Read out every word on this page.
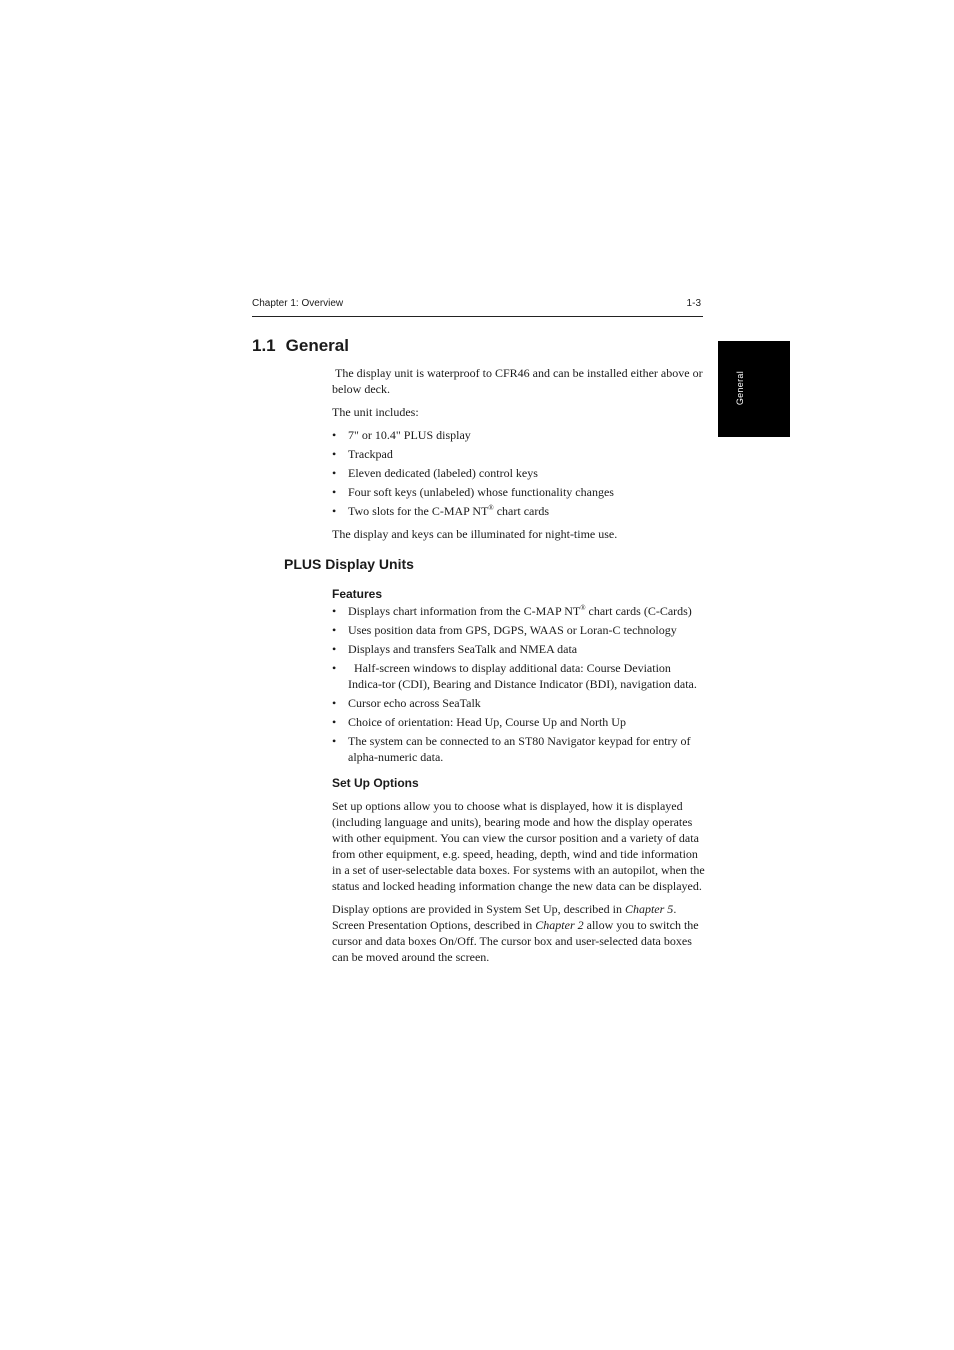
Chapter 1: Overview	1-3
General
1.1 General

The display unit is waterproof to CFR46 and can be installed either above or below deck.

The unit includes:

• 7" or 10.4" PLUS display
• Trackpad
• Eleven dedicated (labeled) control keys
• Four soft keys (unlabeled) whose functionality changes
• Two slots for the C-MAP NT® chart cards

The display and keys can be illuminated for night-time use.

PLUS Display Units
Features
• Displays chart information from the C-MAP NT® chart cards (C-Cards)
• Uses position data from GPS, DGPS, WAAS or Loran-C technology
• Displays and transfers SeaTalk and NMEA data
• Half-screen windows to display additional data: Course Deviation Indica-tor (CDI), Bearing and Distance Indicator (BDI), navigation data.
• Cursor echo across SeaTalk
• Choice of orientation: Head Up, Course Up and North Up
• The system can be connected to an ST80 Navigator keypad for entry of alpha-numeric data.
Set Up Options

Set up options allow you to choose what is displayed, how it is displayed (including language and units), bearing mode and how the display operates with other equipment. You can view the cursor position and a variety of data from other equipment, e.g. speed, heading, depth, wind and tide information in a set of user-selectable data boxes. For systems with an autopilot, when the status and locked heading information change the new data can be displayed.

Display options are provided in System Set Up, described in Chapter 5. Screen Presentation Options, described in Chapter 2 allow you to switch the cursor and data boxes On/Off. The cursor box and user-selected data boxes can be moved around the screen.
